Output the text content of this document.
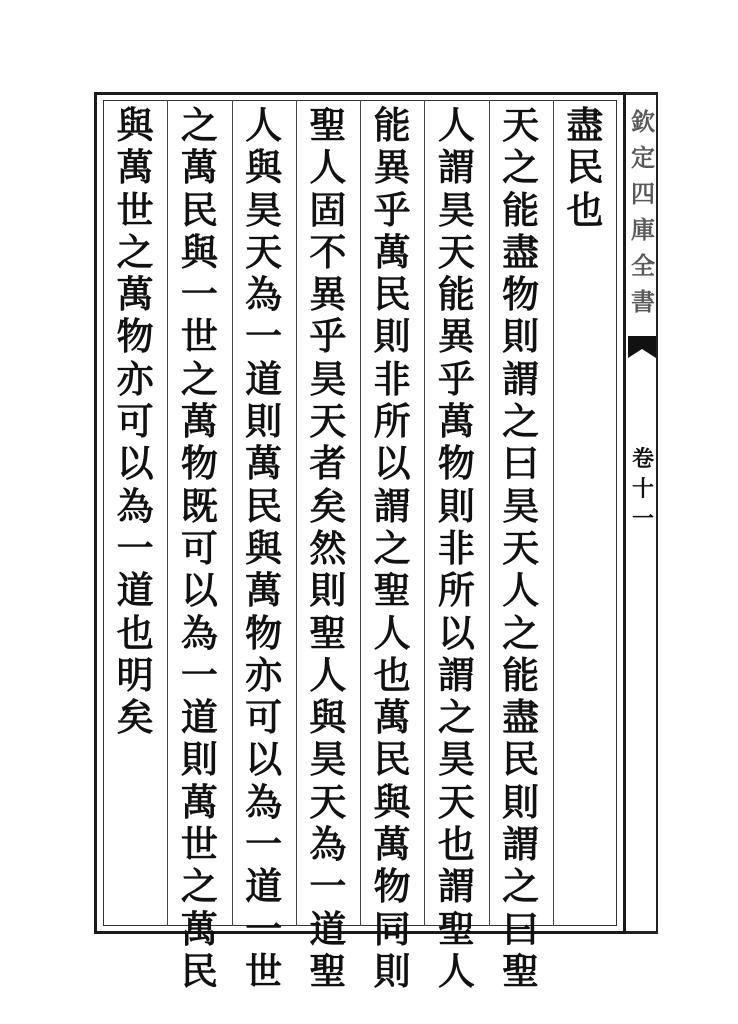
欽
定
四
庫
全
書
卷
十
一
盡
民
也
天
之
能
盡
物
則
謂
之
曰
昊
天
人
之
能
盡
民
則
謂
之
曰
聖
人
謂
昊
天
能
異
乎
萬
物
則
非
所
以
謂
之
昊
天
也
謂
聖
人
能
異
乎
萬
民
則
非
所
以
謂
之
聖
人
也
萬
民
與
萬
物
同
則
聖
人
固
不
異
乎
昊
天
者
矣
然
則
聖
人
與
昊
天
為
一
道
聖
人
與
昊
天
為
一
道
則
萬
民
與
萬
物
亦
可
以
為
一
道
一
世
之
萬
民
與
一
世
之
萬
物
既
可
以
為
一
道
則
萬
世
之
萬
民
與
萬
世
之
萬
物
亦
可
以
為
一
道
也
明
矣
